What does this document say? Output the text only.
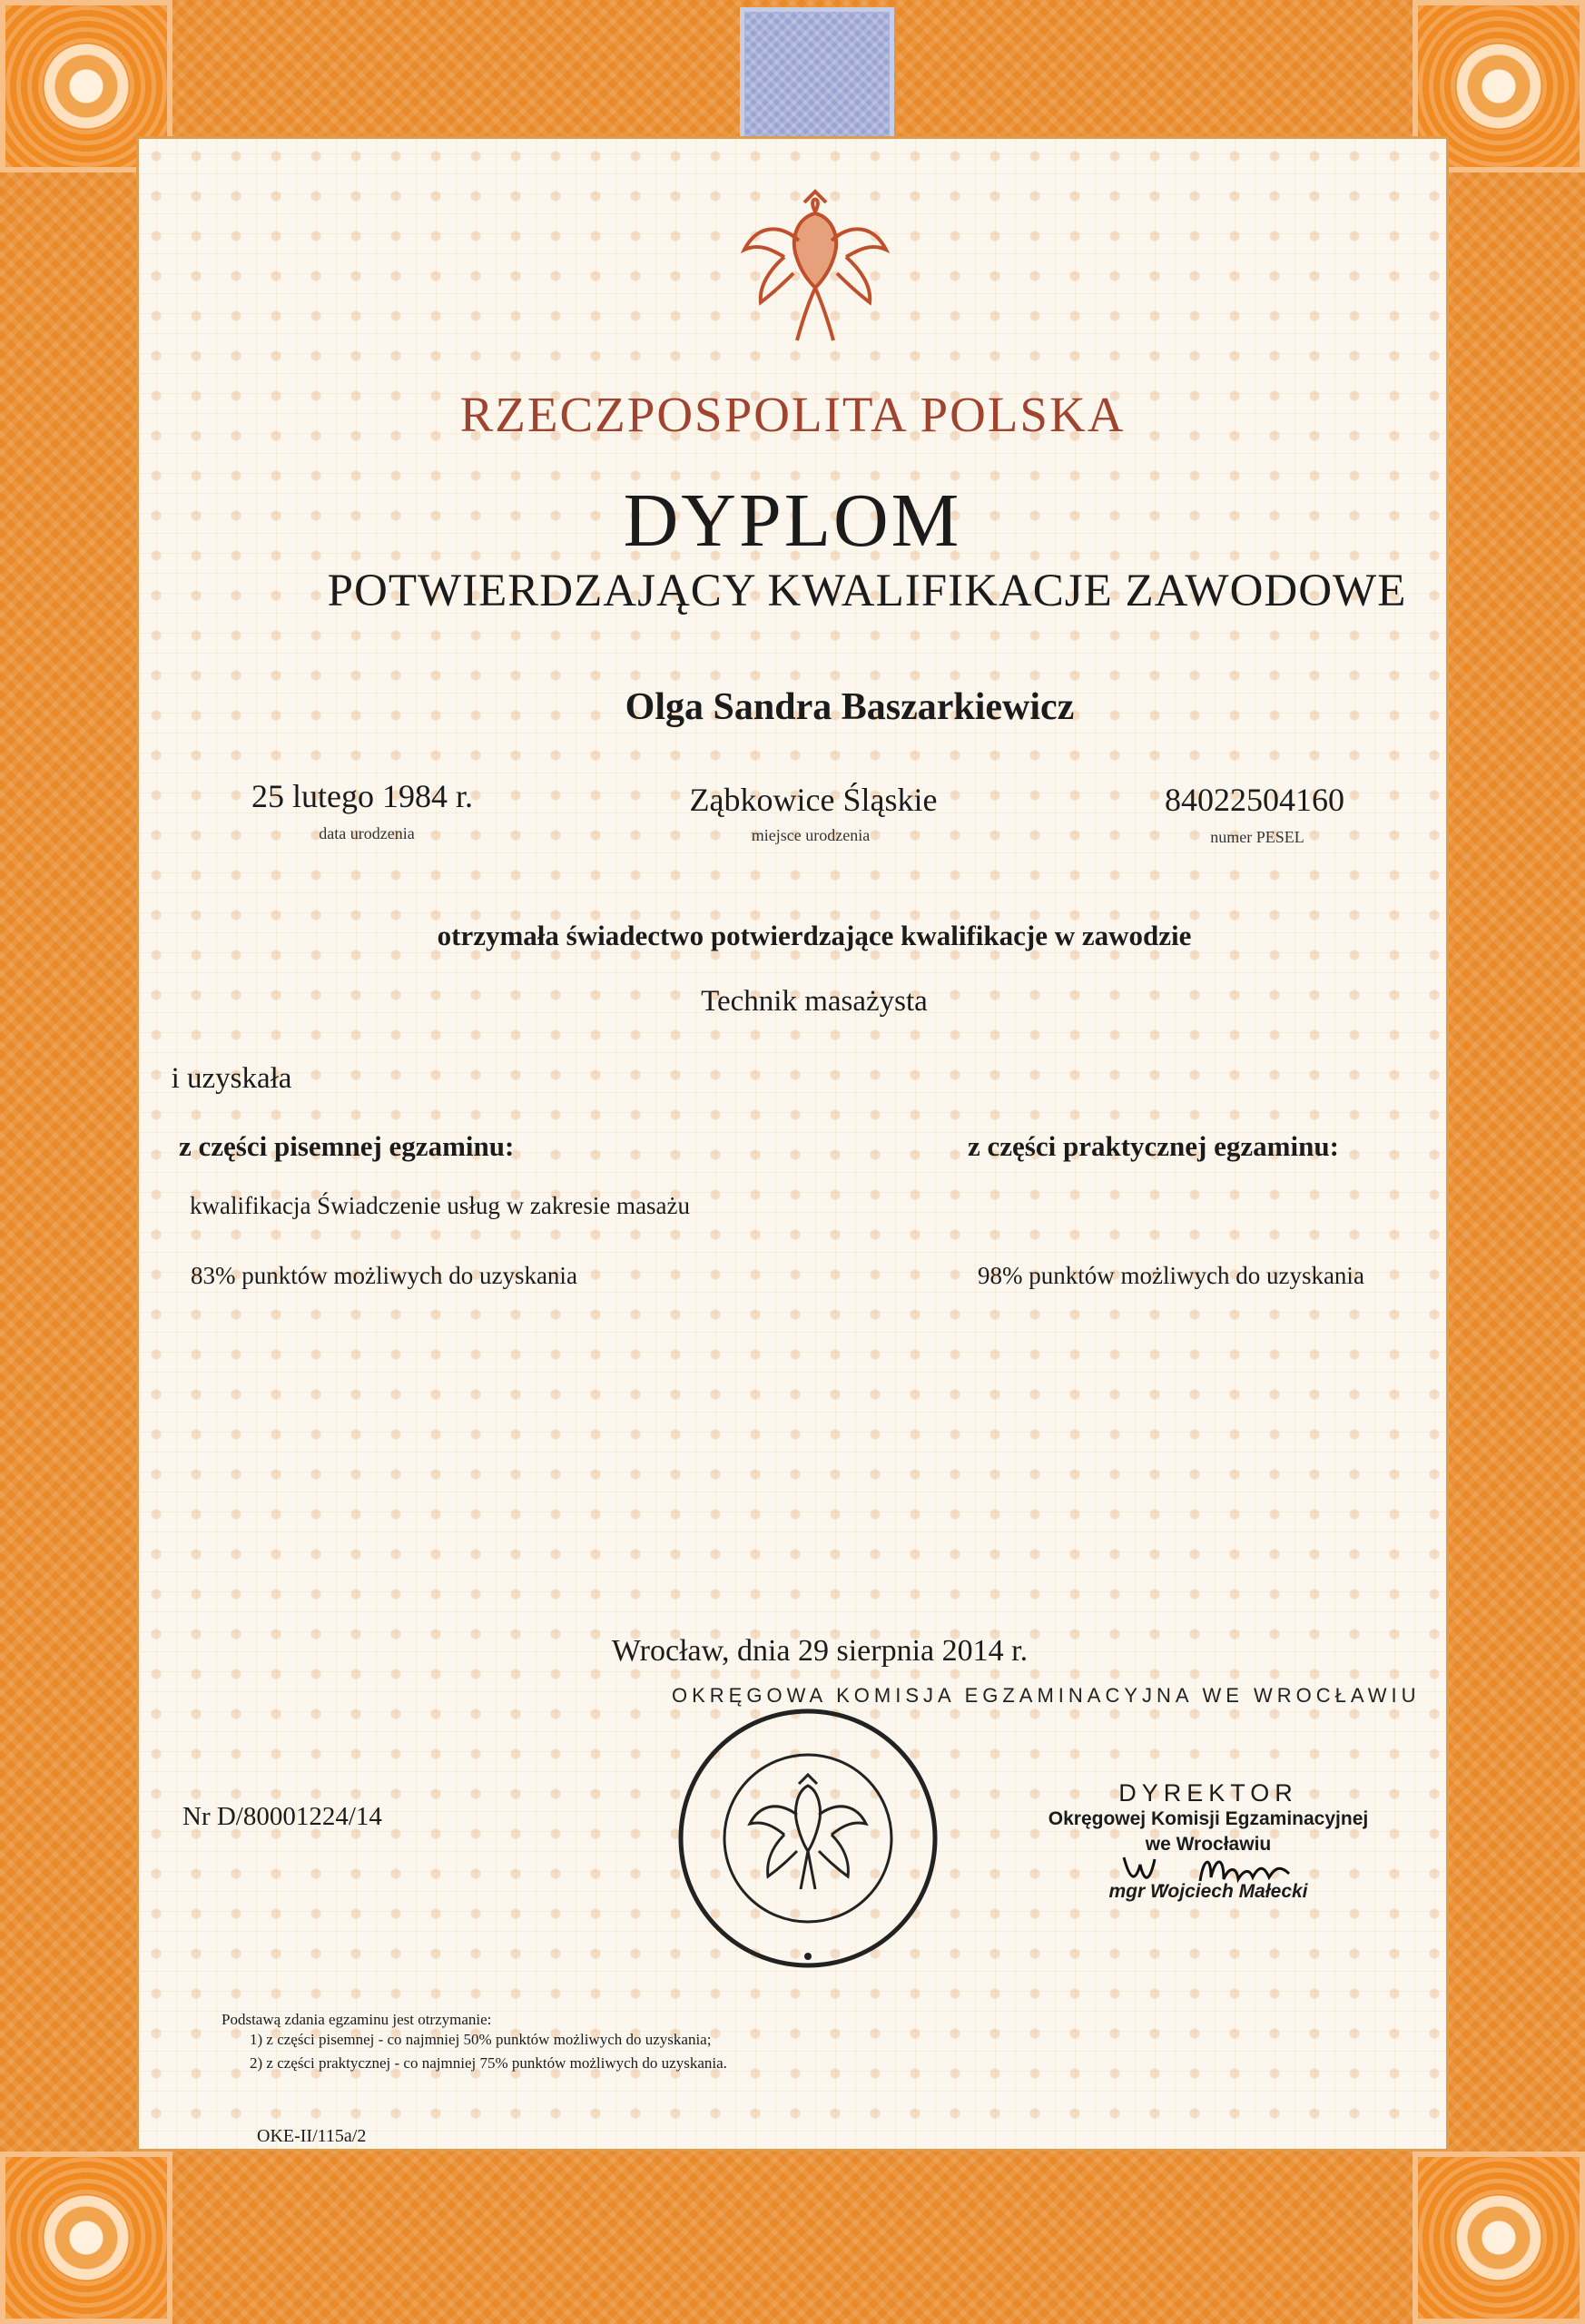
RZECZPOSPOLITA POLSKA
DYPLOM
POTWIERDZAJĄCY KWALIFIKACJE ZAWODOWE
Olga Sandra Baszarkiewicz
25 lutego 1984 r.
data urodzenia
Ząbkowice Śląskie
miejsce urodzenia
84022504160
numer PESEL
otrzymała świadectwo potwierdzające kwalifikacje w zawodzie
Technik masażysta
i uzyskała
z części pisemnej egzaminu:	z części praktycznej egzaminu:
kwalifikacja Świadczenie usług w zakresie masażu
83% punktów możliwych do uzyskania	98% punktów możliwych do uzyskania
Wrocław, dnia 29 sierpnia 2014 r.
Nr D/80001224/14
OKRĘGOWA KOMISJA EGZAMINACYJNA WE WROCŁAWIU
DYREKTOR
Okręgowej Komisji Egzaminacyjnej
we Wrocławiu
mgr Wojciech Małecki
Podstawą zdania egzaminu jest otrzymanie:
1) z części pisemnej - co najmniej 50% punktów możliwych do uzyskania;
2) z części praktycznej - co najmniej 75% punktów możliwych do uzyskania.
OKE-II/115a/2
